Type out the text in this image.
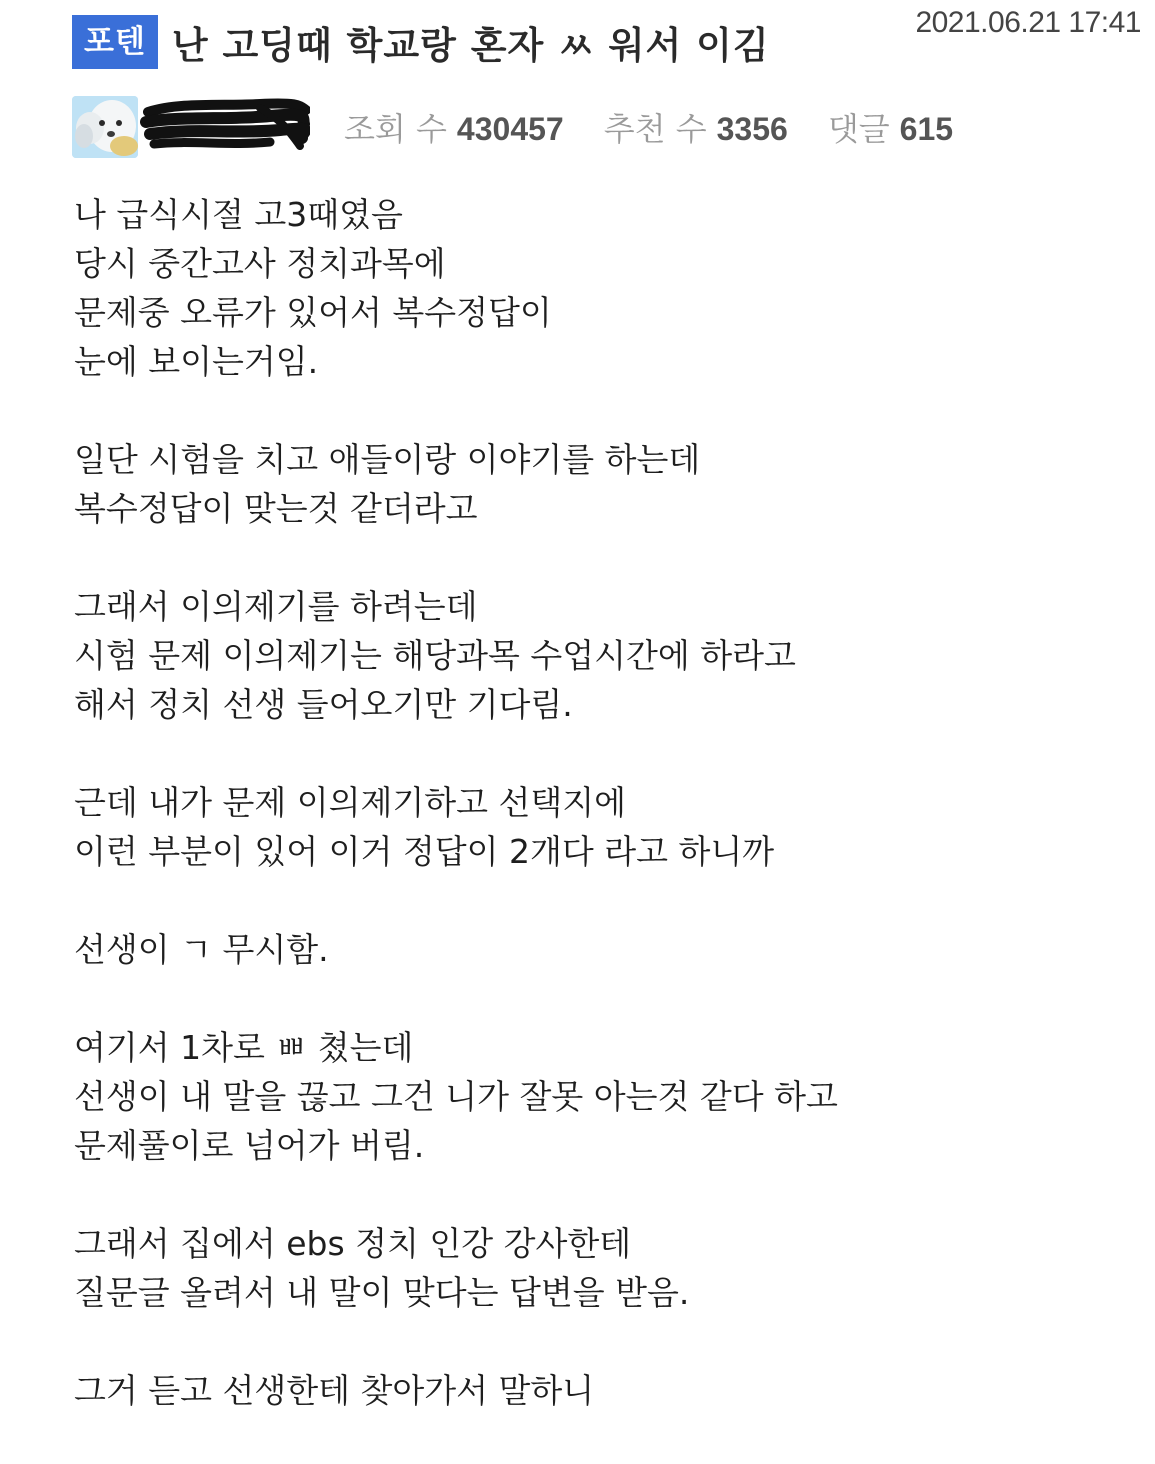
포텐 난 고딩때 학교랑 혼자 ㅆ 워서 이김
2021.06.21 17:41
조회 수 430457 추천 수 3356 댓글 615
나 급식시절 고3때였음
당시 중간고사 정치과목에
문제중 오류가 있어서 복수정답이
눈에 보이는거임.
일단 시험을 치고 애들이랑 이야기를 하는데
복수정답이 맞는것 같더라고
그래서 이의제기를 하려는데
시험 문제 이의제기는 해당과목 수업시간에 하라고
해서 정치 선생 들어오기만 기다림.
근데 내가 문제 이의제기하고 선택지에
이런 부분이 있어 이거 정답이 2개다 라고 하니까
선생이 ㄱ 무시함.
여기서 1차로 ㅃ 쳤는데
선생이 내 말을 끊고 그건 니가 잘못 아는것 같다 하고
문제풀이로 넘어가 버림.
그래서 집에서 ebs 정치 인강 강사한테
질문글 올려서 내 말이 맞다는 답변을 받음.
그거 듣고 선생한테 찾아가서 말하니
